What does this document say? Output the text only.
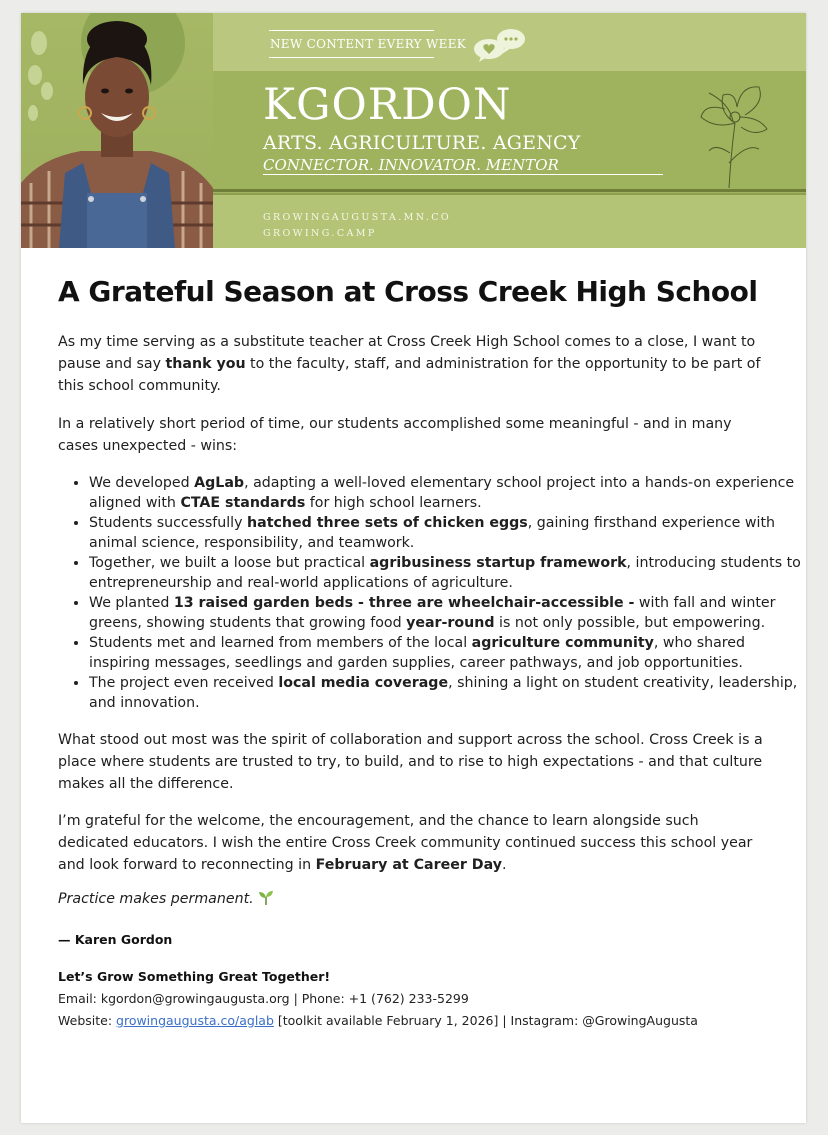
NEW CONTENT EVERY WEEK
KGORDON
ARTS. AGRICULTURE. AGENCY
CONNECTOR. INNOVATOR. MENTOR
GROWINGAUGUSTA.MN.CO
GROWING.CAMP
A Grateful Season at Cross Creek High School

As my time serving as a substitute teacher at Cross Creek High School comes to a close, I want to pause and say thank you to the faculty, staff, and administration for the opportunity to be part of this school community.

In a relatively short period of time, our students accomplished some meaningful - and in many cases unexpected - wins:

• We developed AgLab, adapting a well-loved elementary school project into a hands-on experience aligned with CTAE standards for high school learners.
• Students successfully hatched three sets of chicken eggs, gaining firsthand experience with animal science, responsibility, and teamwork.
• Together, we built a loose but practical agribusiness startup framework, introducing students to entrepreneurship and real-world applications of agriculture.
• We planted 13 raised garden beds - three are wheelchair-accessible - with fall and winter greens, showing students that growing food year-round is not only possible, but empowering.
• Students met and learned from members of the local agriculture community, who shared inspiring messages, seedlings and garden supplies, career pathways, and job opportunities.
• The project even received local media coverage, shining a light on student creativity, leadership, and innovation.

What stood out most was the spirit of collaboration and support across the school. Cross Creek is a place where students are trusted to try, to build, and to rise to high expectations - and that culture makes all the difference.

I’m grateful for the welcome, the encouragement, and the chance to learn alongside such dedicated educators. I wish the entire Cross Creek community continued success this school year and look forward to reconnecting in February at Career Day.

Practice makes permanent.
— Karen Gordon
Let’s Grow Something Great Together!
Email: kgordon@growingaugusta.org | Phone: +1 (762) 233-5299
Website: growingaugusta.co/aglab [toolkit available February 1, 2026] | Instagram: @GrowingAugusta
